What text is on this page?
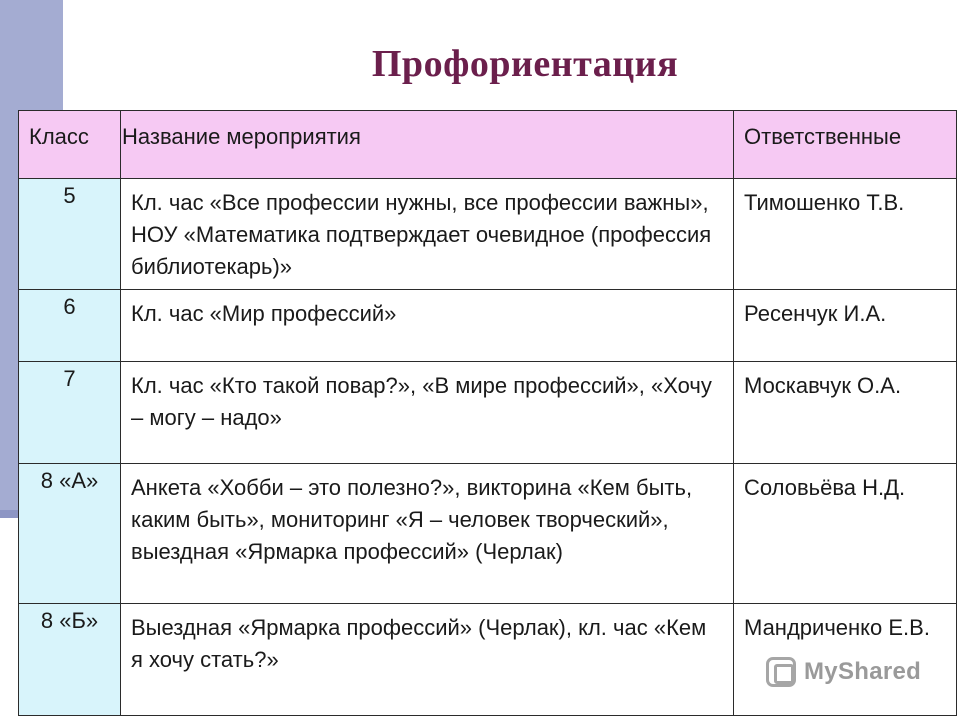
Профориентация
Класс	Название мероприятия	Ответственные
5	Кл. час «Все профессии нужны, все профессии важны», НОУ «Математика подтверждает очевидное (профессия библиотекарь)»	Тимошенко Т.В.
6	Кл. час «Мир профессий»	Ресенчук И.А.
7	Кл. час «Кто такой повар?», «В мире профессий», «Хочу – могу – надо»	Москавчук О.А.
8 «А»	Анкета «Хобби – это полезно?», викторина «Кем быть, каким быть», мониторинг «Я – человек творческий», выездная «Ярмарка профессий» (Черлак)	Соловьёва Н.Д.
8 «Б»	Выездная «Ярмарка профессий» (Черлак), кл. час «Кем я хочу стать?»	Мандриченко Е.В.
MyShared
